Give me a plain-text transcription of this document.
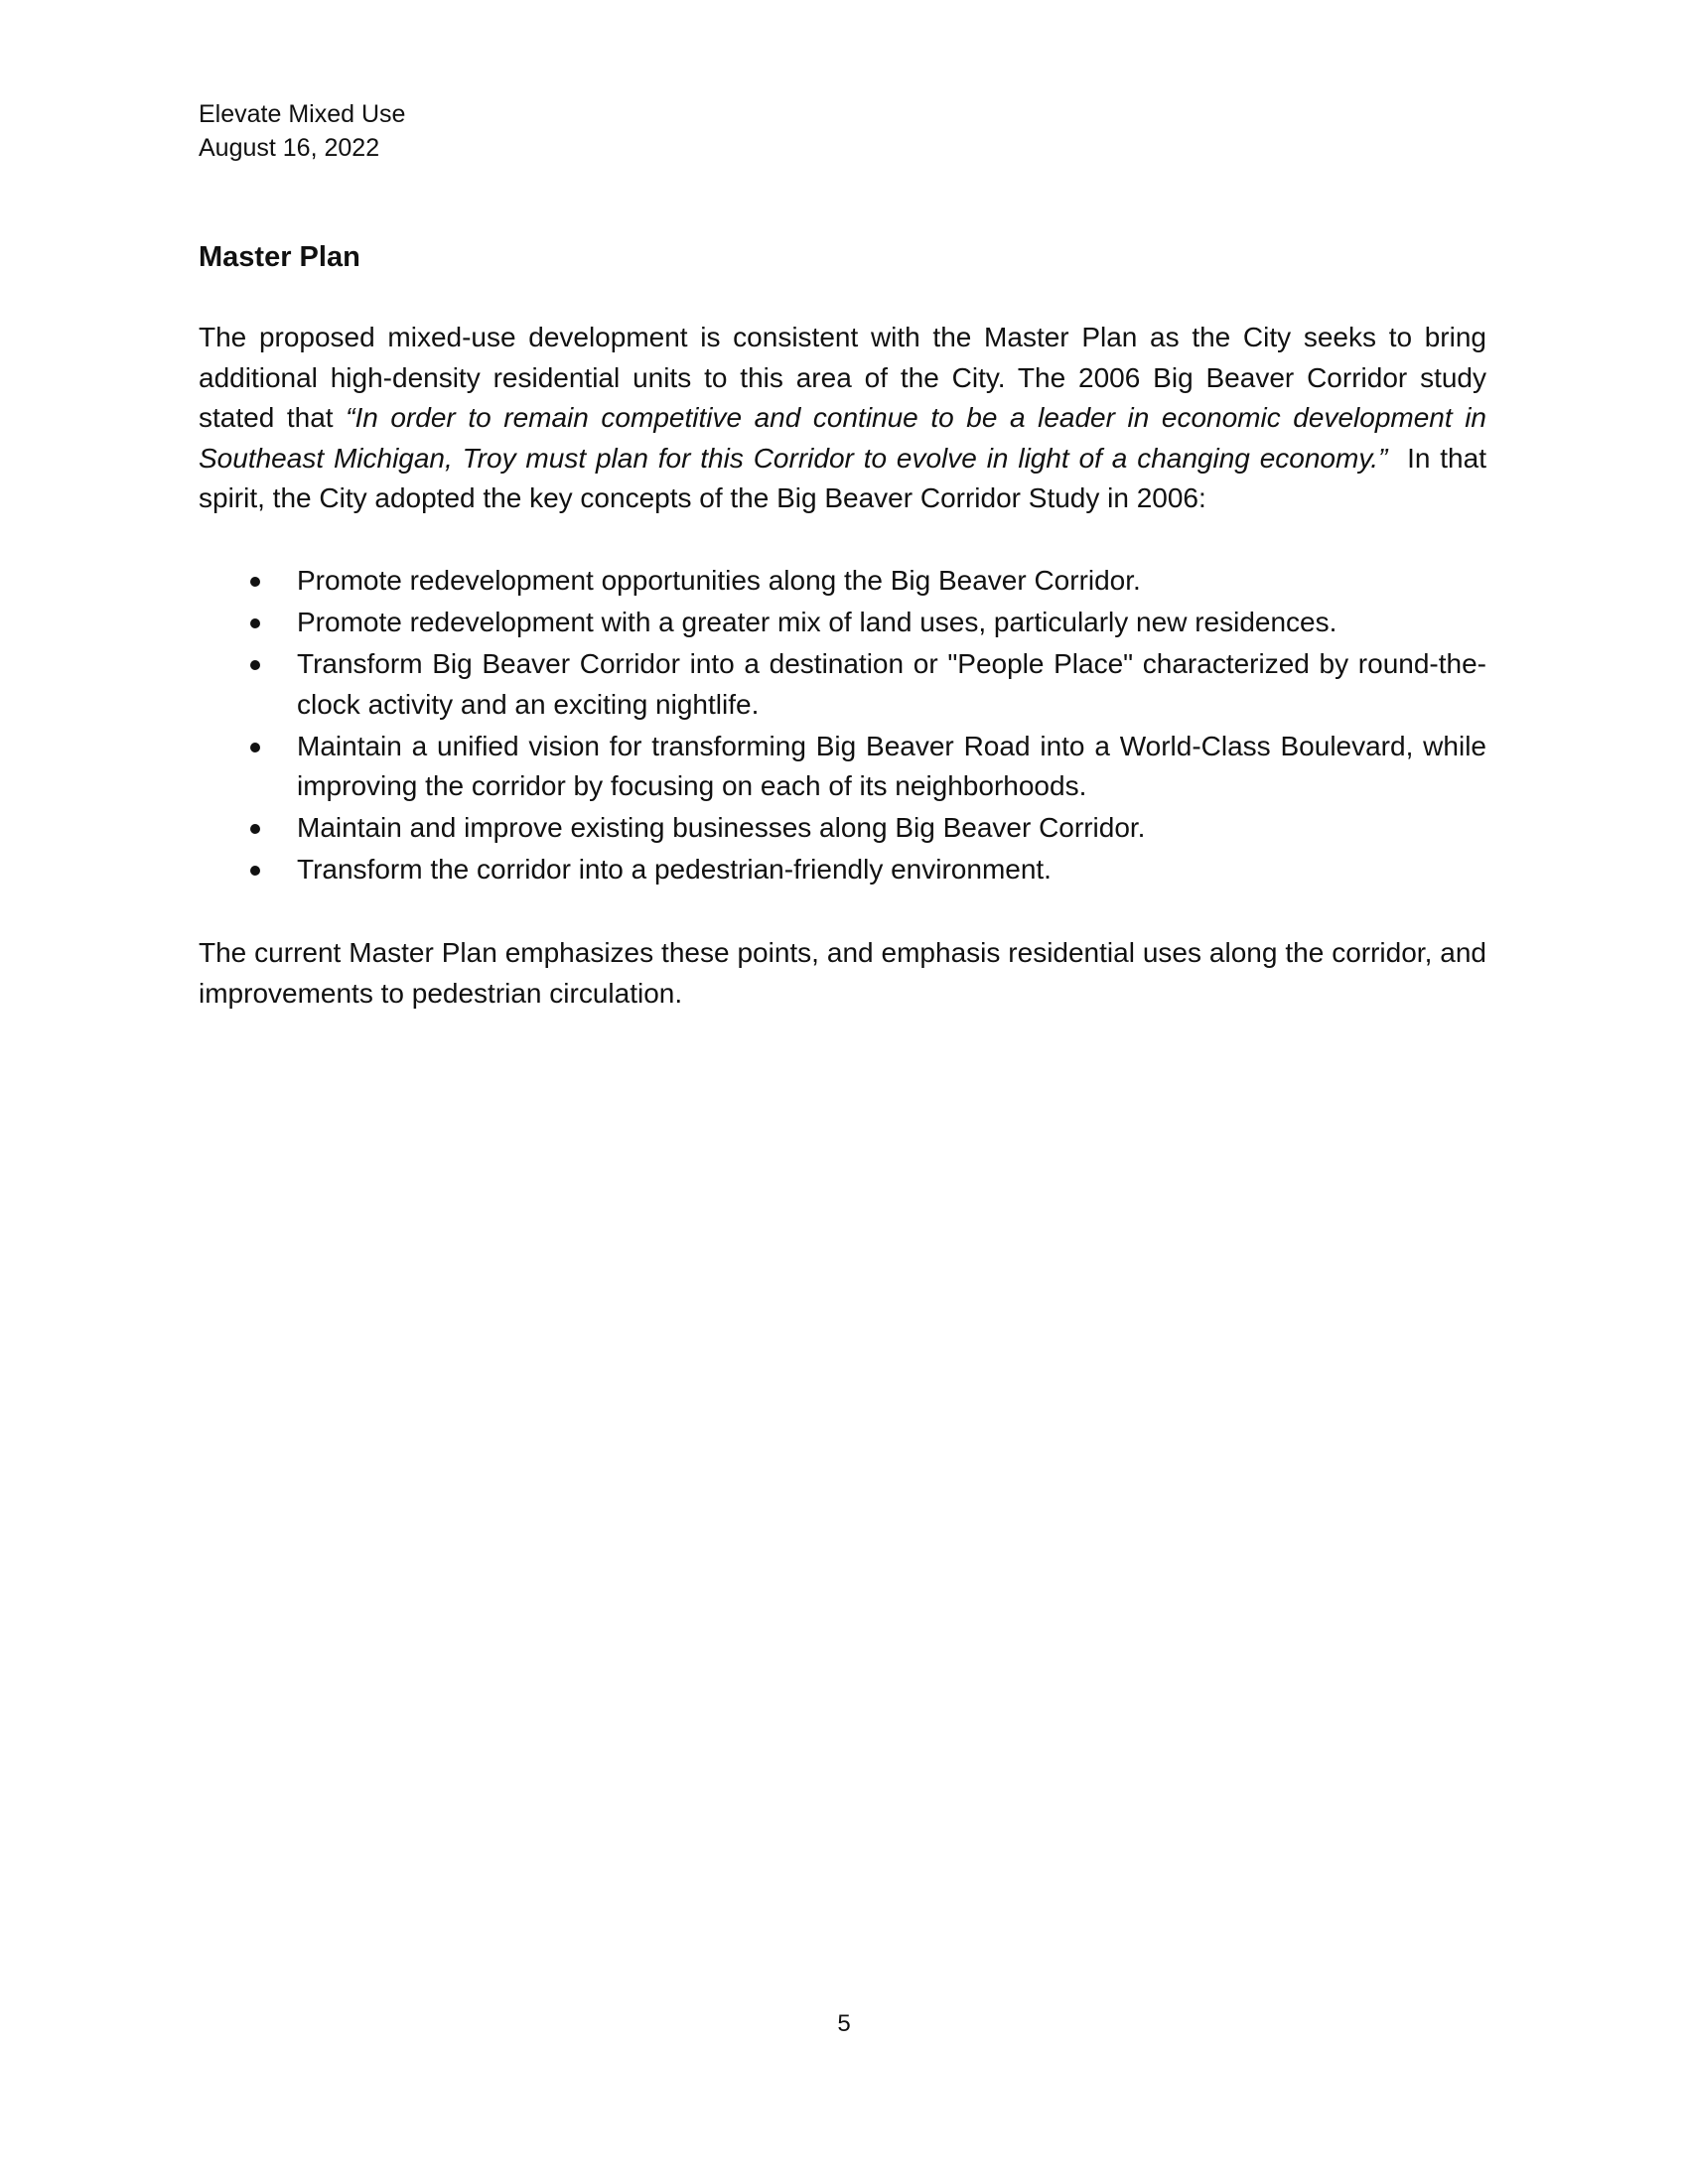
Elevate Mixed Use
August 16, 2022
Master Plan
The proposed mixed-use development is consistent with the Master Plan as the City seeks to bring additional high-density residential units to this area of the City. The 2006 Big Beaver Corridor study stated that “In order to remain competitive and continue to be a leader in economic development in Southeast Michigan, Troy must plan for this Corridor to evolve in light of a changing economy.”  In that spirit, the City adopted the key concepts of the Big Beaver Corridor Study in 2006:
Promote redevelopment opportunities along the Big Beaver Corridor.
Promote redevelopment with a greater mix of land uses, particularly new residences.
Transform Big Beaver Corridor into a destination or "People Place" characterized by round-the-clock activity and an exciting nightlife.
Maintain a unified vision for transforming Big Beaver Road into a World-Class Boulevard, while improving the corridor by focusing on each of its neighborhoods.
Maintain and improve existing businesses along Big Beaver Corridor.
Transform the corridor into a pedestrian-friendly environment.
The current Master Plan emphasizes these points, and emphasis residential uses along the corridor, and improvements to pedestrian circulation.
5
